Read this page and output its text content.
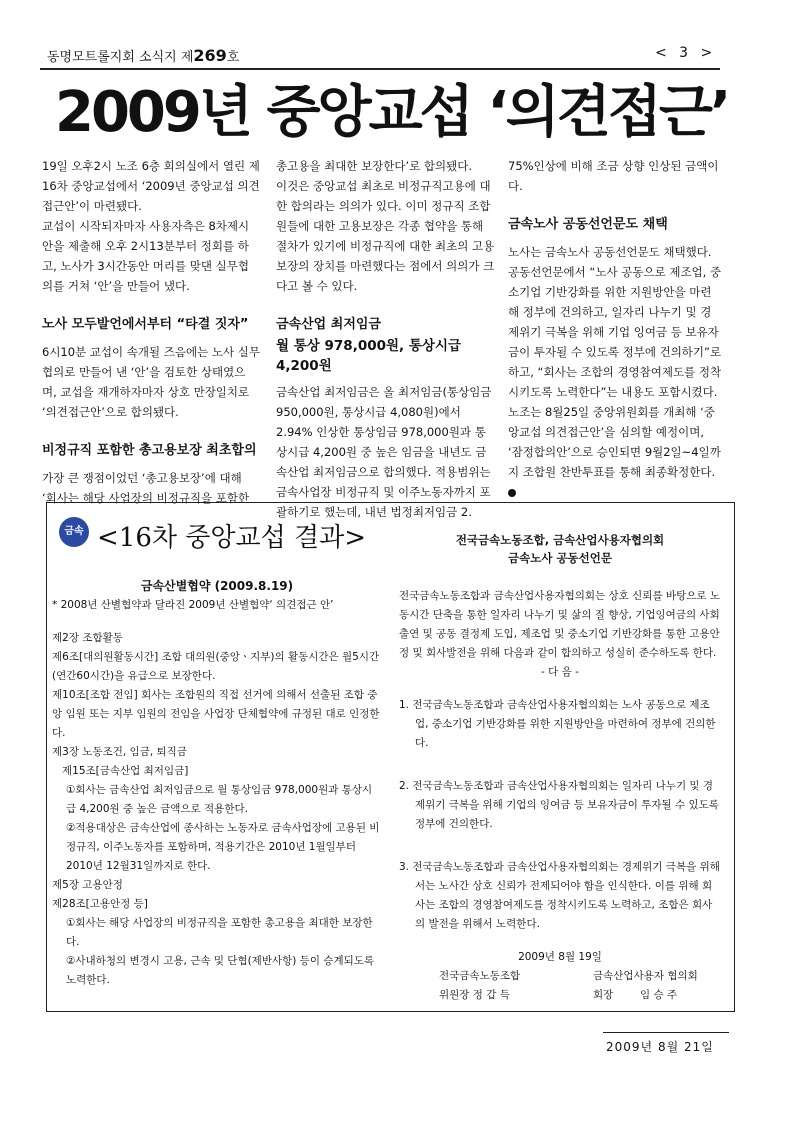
동명모트롤지회 소식지 제269호	< 3 >
2009년 중앙교섭 ‘의견접근’

19일 오후2시 노조 6층 회의실에서 열린 제16차 중앙교섭에서 ‘2009년 중앙교섭 의견접근안’이 마련됐다.

교섭이 시작되자마자 사용자측은 8차제시안을 제출해 오후 2시13분부터 정회를 하고, 노사가 3시간동안 머리를 맞댄 실무협의를 거쳐 ‘안’을 만들어 냈다.

노사 모두발언에서부터 “타결 짓자”

6시10분 교섭이 속개될 즈음에는 노사 실무협의로 만들어 낸 ‘안’을 검토한 상태였으며, 교섭을 재개하자마자 상호 만장일치로 ‘의견접근안’으로 합의됐다.

비정규직 포함한 총고용보장 최초합의

가장 큰 쟁점이었던 ‘총고용보장’에 대해 ‘회사는 해당 사업장의 비정규직을 포함한

총고용을 최대한 보장한다’로 합의됐다.

이것은 중앙교섭 최초로 비정규직고용에 대한 합의라는 의의가 있다. 이미 정규직 조합원들에 대한 고용보장은 각종 협약을 통해 절차가 있기에 비정규직에 대한 최초의 고용보장의 장치를 마련했다는 점에서 의의가 크다고 볼 수 있다.

금속산업 최저임금

월 통상 978,000원, 통상시급 4,200원

금속산업 최저임금은 올 최저임금(통상임금 950,000원, 통상시급 4,080원)에서 2.94% 인상한 통상임금 978,000원과 통상시급 4,200원 중 높은 임금을 내년도 금속산업 최저임금으로 합의했다. 적용범위는 금속사업장 비정규직 및 이주노동자까지 포괄하기로 했는데, 내년 법정최저임금 2.

75%인상에 비해 조금 상향 인상된 금액이다.

금속노사 공동선언문도 채택

노사는 금속노사 공동선언문도 채택했다. 공동선언문에서 “노사 공동으로 제조업, 중소기업 기반강화를 위한 지원방안을 마련해 정부에 건의하고, 일자리 나누기 및 경제위기 극복을 위해 기업 잉여금 등 보유자금이 투자될 수 있도록 정부에 건의하기”로 하고, “회사는 조합의 경영참여제도를 정착시키도록 노력한다”는 내용도 포함시켰다.

노조는 8월25일 중앙위원회를 개최해 ‘중앙교섭 의견접근안’을 심의할 예정이며, ‘잠정합의안’으로 승인되면 9월2일~4일까지 조합원 찬반투표를 통해 최종확정한다.

금속 <16차 중앙교섭 결과>

금속산별협약 (2009.8.19)

* 2008년 산별협약과 달라진 2009년 산별협약‘ 의견접근 안’

제2장 조합활동

제6조[대의원활동시간] 조합 대의원(중앙ㆍ지부)의 활동시간은 월5시간(연간60시간)을 유급으로 보장한다.

제10조[조합 전임] 회사는 조합원의 직접 선거에 의해서 선출된 조합 중앙 임원 또는 지부 임원의 전임을 사업장 단체협약에 규정된 대로 인정한다.

제3장 노동조건, 임금, 퇴직금

제15조[금속산업 최저임금]

①회사는 금속산업 최저임금으로 월 통상임금 978,000원과 통상시급 4,200원 중 높은 금액으로 적용한다.

②적용대상은 금속산업에 종사하는 노동자로 금속사업장에 고용된 비정규직, 이주노동자를 포함하며, 적용기간은 2010년 1월일부터 2010년 12월31일까지로 한다.

제5장 고용안정

제28조[고용안정 등]

①회사는 해당 사업장의 비정규직을 포함한 총고용을 최대한 보장한다.

②사내하청의 변경시 고용, 근속 및 단협(제반사항) 등이 승계되도록 노력한다.

전국금속노동조합, 금속산업사용자협의회

금속노사 공동선언문

전국금속노동조합과 금속산업사용자협의회는 상호 신뢰를 바탕으로 노동시간 단축을 통한 일자리 나누기 및 삶의 질 향상, 기업잉여금의 사회출연 및 공동 결정제 도입, 제조업 및 중소기업 기반강화를 통한 고용안정 및 회사발전을 위해 다음과 같이 합의하고 성실히 준수하도록 한다.

- 다 음 -

1. 전국금속노동조합과 금속산업사용자협의회는 노사 공동으로 제조업, 중소기업 기반강화를 위한 지원방안을 마련하여 정부에 건의한다.

2. 전국금속노동조합과 금속산업사용자협의회는 일자리 나누기 및 경제위기 극복을 위해 기업의 잉여금 등 보유자금이 투자될 수 있도록 정부에 건의한다.

3. 전국금속노동조합과 금속산업사용자협의회는 경제위기 극복을 위해서는 노사간 상호 신뢰가 전제되어야 함을 인식한다. 이를 위해 회사는 조합의 경영참여제도를 정착시키도록 노력하고, 조합은 회사의 발전을 위해서 노력한다.

2009년 8월 19일

전국금속노동조합	금속산업사용자 협의회
위원장 정 갑 득	회장        임 승 주
2009년 8월 21일
